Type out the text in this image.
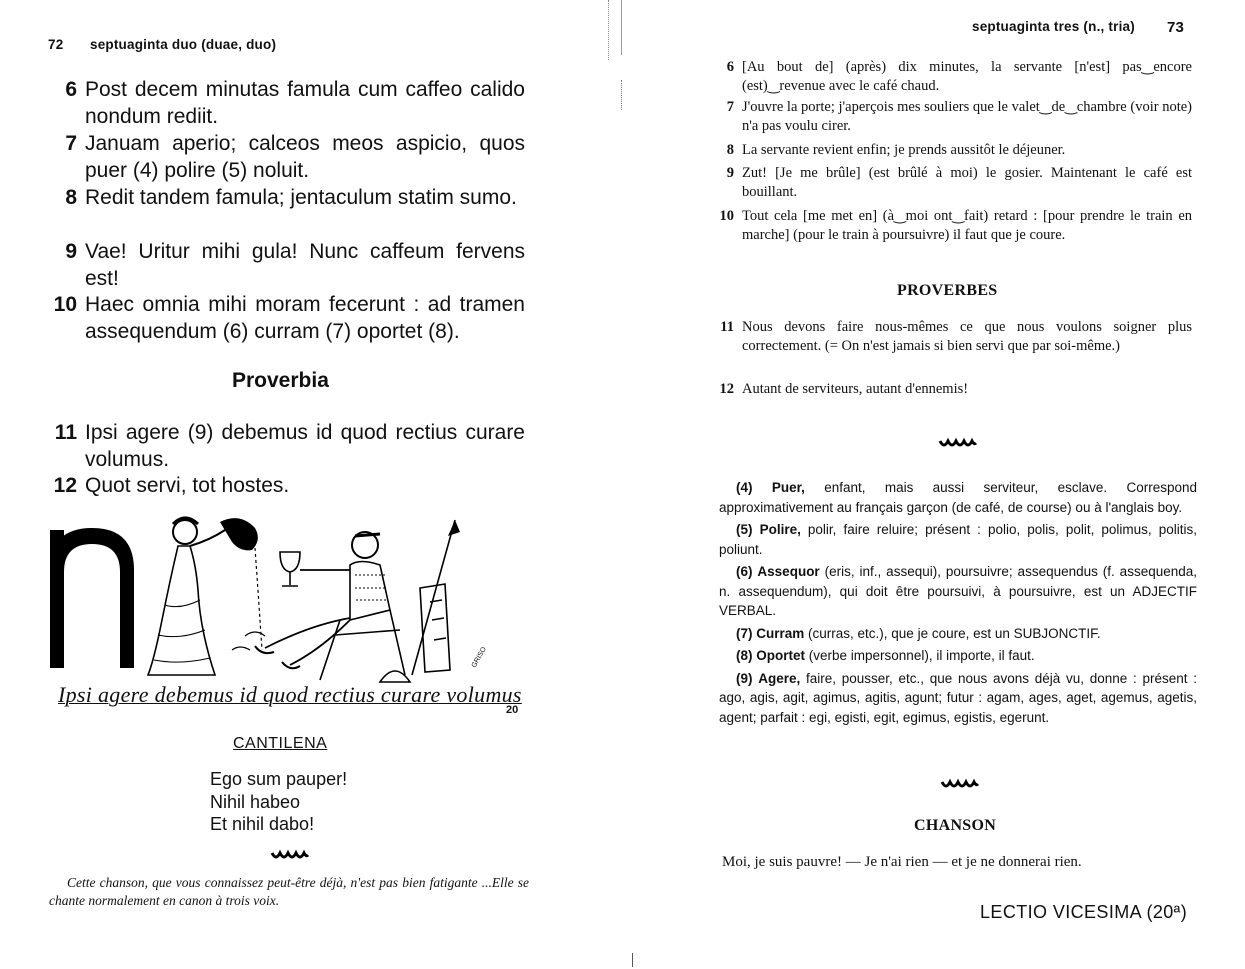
72 septuaginta duo (duae, duo)
6 Post decem minutas famula cum caffeo calido nondum rediit.
7 Januam aperio; calceos meos aspicio, quos puer (4) polire (5) noluit.
8 Redit tandem famula; jentaculum statim sumo.
9 Vae! Uritur mihi gula! Nunc caffeum fervens est!
10 Haec omnia mihi moram fecerunt : ad tramen assequendum (6) curram (7) oportet (8).
Proverbia
11 Ipsi agere (9) debemus id quod rectius curare volumus.
12 Quot servi, tot hostes.
GRISO
Ipsi agere debemus id quod rectius curare volumus
20
CANTILENA
Ego sum pauper!
Nihil habeo
Et nihil dabo!
Cette chanson, que vous connaissez peut-être déjà, n'est pas bien fatigante ...Elle se chante normalement en canon à trois voix.
septuaginta tres (n., tria) 73
6 [Au bout de] (après) dix minutes, la servante [n'est] pas‿encore (est)‿revenue avec le café chaud.
7 J'ouvre la porte; j'aperçois mes souliers que le valet‿de‿chambre (voir note) n'a pas voulu cirer.
8 La servante revient enfin; je prends aussitôt le déjeuner.
9 Zut! [Je me brûle] (est brûlé à moi) le gosier. Maintenant le café est bouillant.
10 Tout cela [me met en] (à‿moi ont‿fait) retard : [pour prendre le train en marche] (pour le train à poursuivre) il faut que je coure.
PROVERBES
11 Nous devons faire nous-mêmes ce que nous voulons soigner plus correctement. (= On n'est jamais si bien servi que par soi-même.)
12 Autant de serviteurs, autant d'ennemis!

(4) Puer, enfant, mais aussi serviteur, esclave. Correspond approximativement au français garçon (de café, de course) ou à l'anglais boy.

(5) Polire, polir, faire reluire; présent : polio, polis, polit, polimus, politis, poliunt.

(6) Assequor (eris, inf., assequi), poursuivre; assequendus (f. assequenda, n. assequendum), qui doit être poursuivi, à poursuivre, est un ADJECTIF VERBAL.

(7) Curram (curras, etc.), que je coure, est un SUBJONCTIF.

(8) Oportet (verbe impersonnel), il importe, il faut.

(9) Agere, faire, pousser, etc., que nous avons déjà vu, donne : présent : ago, agis, agit, agimus, agitis, agunt; futur : agam, ages, aget, agemus, agetis, agent; parfait : egi, egisti, egit, egimus, egistis, egerunt.

CHANSON
Moi, je suis pauvre! — Je n'ai rien — et je ne donnerai rien.
LECTIO VICESIMA (20ª)
